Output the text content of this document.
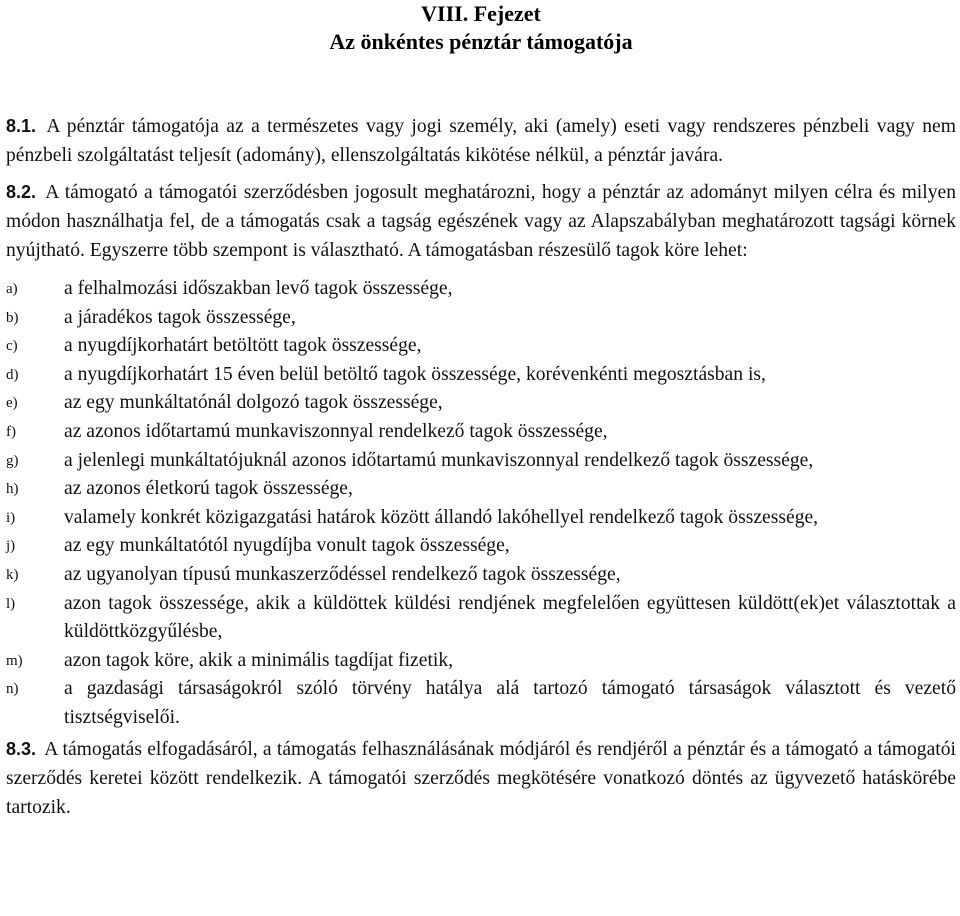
VIII. Fejezet
Az önkéntes pénztár támogatója
8.1. A pénztár támogatója az a természetes vagy jogi személy, aki (amely) eseti vagy rendszeres pénzbeli vagy nem pénzbeli szolgáltatást teljesít (adomány), ellenszolgáltatás kikötése nélkül, a pénztár javára.
8.2. A támogató a támogatói szerződésben jogosult meghatározni, hogy a pénztár az adományt milyen célra és milyen módon használhatja fel, de a támogatás csak a tagság egészének vagy az Alapszabályban meghatározott tagsági körnek nyújtható. Egyszerre több szempont is választható. A támogatásban részesülő tagok köre lehet:
a)	a felhalmozási időszakban levő tagok összessége,
b)	a járadékos tagok összessége,
c)	a nyugdíjkorhatárt betöltött tagok összessége,
d)	a nyugdíjkorhatárt 15 éven belül betöltő tagok összessége, korévenkénti megosztásban is,
e)	az egy munkáltatónál dolgozó tagok összessége,
f)	az azonos időtartamú munkaviszonnyal rendelkező tagok összessége,
g)	a jelenlegi munkáltatójuknál azonos időtartamú munkaviszonnyal rendelkező tagok összessége,
h)	az azonos életkorú tagok összessége,
i)	valamely konkrét közigazgatási határok között állandó lakóhellyel rendelkező tagok összessége,
j)	az egy munkáltatótól nyugdíjba vonult tagok összessége,
k)	az ugyanolyan típusú munkaszerződéssel rendelkező tagok összessége,
l)	azon tagok összessége, akik a küldöttek küldési rendjének megfelelően együttesen küldött(ek)et választottak a küldöttközgyűlésbe,
m)	azon tagok köre, akik a minimális tagdíjat fizetik,
n)	a gazdasági társaságokról szóló törvény hatálya alá tartozó támogató társaságok választott és vezető tisztségviselői.
8.3. A támogatás elfogadásáról, a támogatás felhasználásának módjáról és rendjéről a pénztár és a támogató a támogatói szerződés keretei között rendelkezik. A támogatói szerződés megkötésére vonatkozó döntés az ügyvezető hatáskörébe tartozik.
